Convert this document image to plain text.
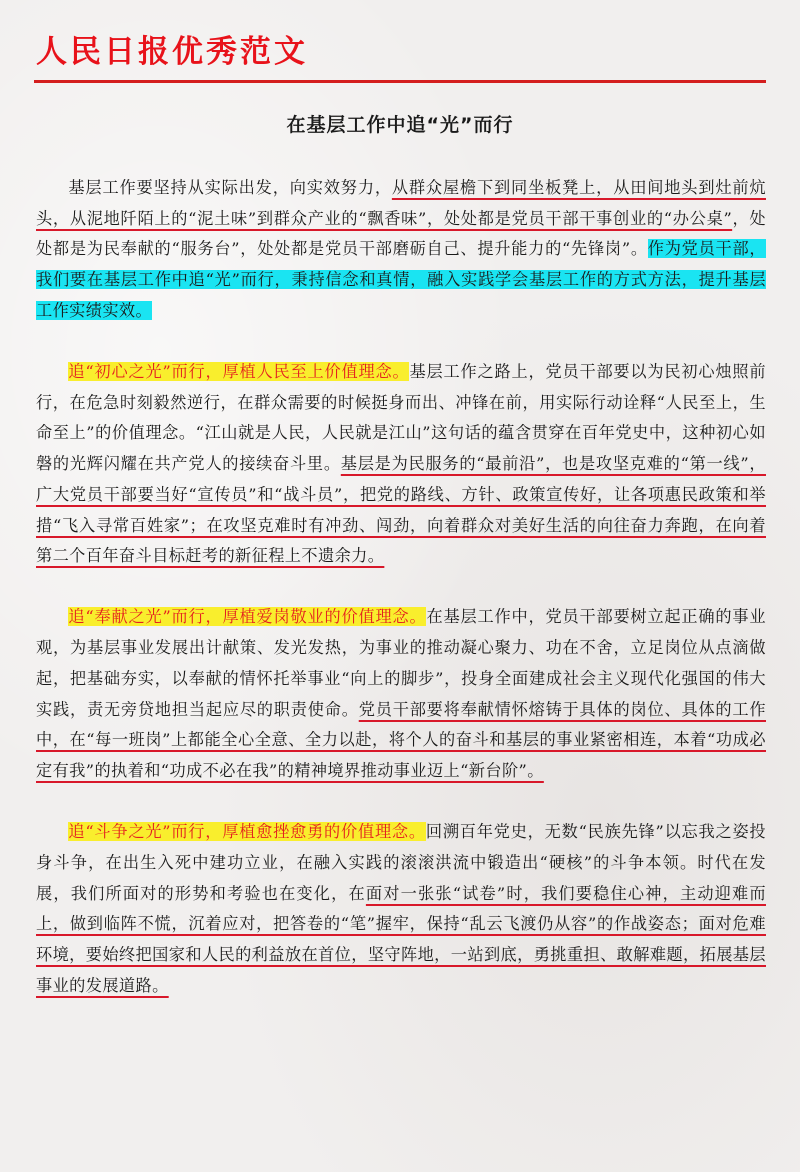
人民日报优秀范文
在基层工作中追“光”而行

基层工作要坚持从实际出发，向实效努力，从群众屋檐下到同坐板凳上，从田间地头到灶前炕头，从泥地阡陌上的“泥土味”到群众产业的“飘香味”，处处都是党员干部干事创业的“办公桌”，处处都是为民奉献的“服务台”，处处都是党员干部磨砺自己、提升能力的“先锋岗”。作为党员干部，我们要在基层工作中追“光”而行，秉持信念和真情，融入实践学会基层工作的方式方法，提升基层工作实绩实效。

追“初心之光”而行，厚植人民至上价值理念。基层工作之路上，党员干部要以为民初心烛照前行，在危急时刻毅然逆行，在群众需要的时候挺身而出、冲锋在前，用实际行动诠释“人民至上，生命至上”的价值理念。“江山就是人民，人民就是江山”这句话的蕴含贯穿在百年党史中，这种初心如磐的光辉闪耀在共产党人的接续奋斗里。基层是为民服务的“最前沿”，也是攻坚克难的“第一线”，广大党员干部要当好“宣传员”和“战斗员”，把党的路线、方针、政策宣传好，让各项惠民政策和举措“飞入寻常百姓家”；在攻坚克难时有冲劲、闯劲，向着群众对美好生活的向往奋力奔跑，在向着第二个百年奋斗目标赶考的新征程上不遗余力。

追“奉献之光”而行，厚植爱岗敬业的价值理念。在基层工作中，党员干部要树立起正确的事业观，为基层事业发展出计献策、发光发热，为事业的推动凝心聚力、功在不舍，立足岗位从点滴做起，把基础夯实，以奉献的情怀托举事业“向上的脚步”，投身全面建成社会主义现代化强国的伟大实践，责无旁贷地担当起应尽的职责使命。党员干部要将奉献情怀熔铸于具体的岗位、具体的工作中，在“每一班岗”上都能全心全意、全力以赴，将个人的奋斗和基层的事业紧密相连，本着“功成必定有我”的执着和“功成不必在我”的精神境界推动事业迈上“新台阶”。

追“斗争之光”而行，厚植愈挫愈勇的价值理念。回溯百年党史，无数“民族先锋”以忘我之姿投身斗争，在出生入死中建功立业，在融入实践的滚滚洪流中锻造出“硬核”的斗争本领。时代在发展，我们所面对的形势和考验也在变化，在面对一张张“试卷”时，我们要稳住心神，主动迎难而上，做到临阵不慌，沉着应对，把答卷的“笔”握牢，保持“乱云飞渡仍从容”的作战姿态；面对危难环境，要始终把国家和人民的利益放在首位，坚守阵地，一站到底，勇挑重担、敢解难题，拓展基层事业的发展道路。
